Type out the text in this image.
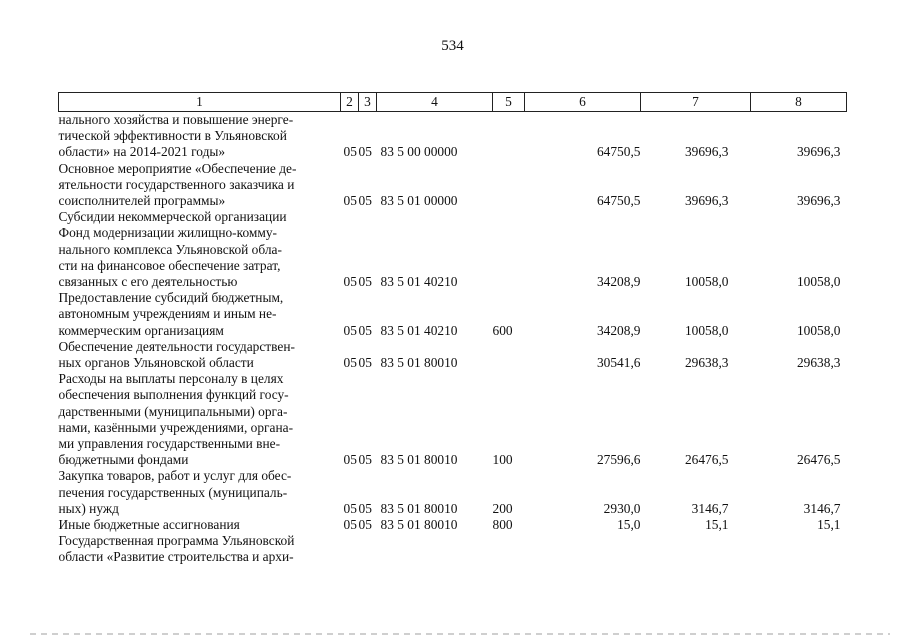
534
1	2	3	4	5	6	7	8
нального хозяйства и повышение энерге-							
тической эффективности в Ульяновской							
области» на 2014-2021 годы»	05	05	83 5 00 00000		64750,5	39696,3	39696,3
Основное мероприятие «Обеспечение де-							
ятельности государственного заказчика и							
соисполнителей программы»	05	05	83 5 01 00000		64750,5	39696,3	39696,3
Субсидии некоммерческой организации							
Фонд модернизации жилищно-комму-							
нального комплекса Ульяновской обла-							
сти на финансовое обеспечение затрат,							
связанных с его деятельностью	05	05	83 5 01 40210		34208,9	10058,0	10058,0
Предоставление субсидий бюджетным,							
автономным учреждениям и иным не-							
коммерческим организациям	05	05	83 5 01 40210	600	34208,9	10058,0	10058,0
Обеспечение деятельности государствен-							
ных органов Ульяновской области	05	05	83 5 01 80010		30541,6	29638,3	29638,3
Расходы на выплаты персоналу в целях							
обеспечения выполнения функций госу-							
дарственными (муниципальными) орга-							
нами, казёнными учреждениями, органа-							
ми управления государственными вне-							
бюджетными фондами	05	05	83 5 01 80010	100	27596,6	26476,5	26476,5
Закупка товаров, работ и услуг для обес-							
печения государственных (муниципаль-							
ных) нужд	05	05	83 5 01 80010	200	2930,0	3146,7	3146,7
Иные бюджетные ассигнования	05	05	83 5 01 80010	800	15,0	15,1	15,1
Государственная программа Ульяновской							
области «Развитие строительства и архи-							
